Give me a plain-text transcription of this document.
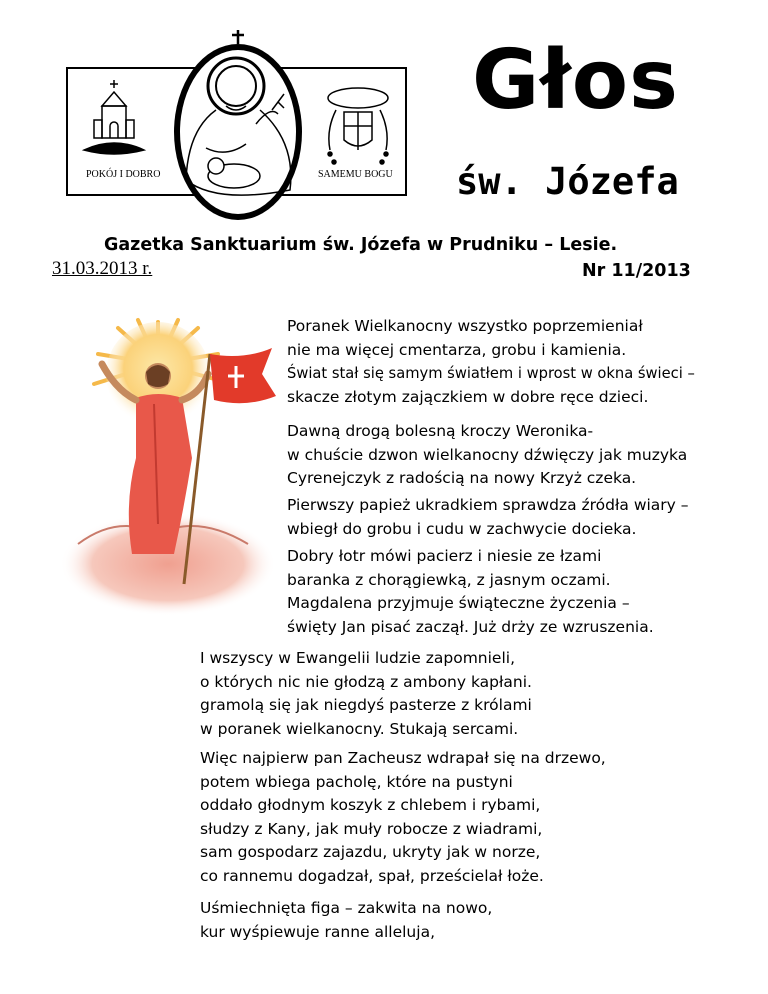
POKÓJ I DOBRO	SAMEMU BOGU
Głos
św. Józefa
Gazetka Sanktuarium św. Józefa w Prudniku – Lesie.
31.03.2013 r.	Nr 11/2013

Poranek Wielkanocny wszystko poprzemieniał
nie ma więcej cmentarza, grobu i kamienia.
Świat stał się samym światłem i wprost w okna świeci –
skacze złotym zajączkiem w dobre ręce dzieci.

Dawną drogą bolesną kroczy Weronika-
w chuście dzwon wielkanocny dźwięczy jak muzyka
Cyrenejczyk z radością na nowy Krzyż czeka.

Pierwszy papież ukradkiem sprawdza źródła wiary –
wbiegł do grobu i cudu w zachwycie docieka.

Dobry łotr mówi pacierz i niesie ze łzami
baranka z chorągiewką, z jasnym oczami.
Magdalena przyjmuje świąteczne życzenia –
święty Jan pisać zaczął. Już drży ze wzruszenia.

I wszyscy w Ewangelii ludzie zapomnieli,
o których nic nie głodzą z ambony kapłani.
gramolą się jak niegdyś pasterze z królami
w poranek wielkanocny. Stukają sercami.

Więc najpierw pan Zacheusz wdrapał się na drzewo,
potem wbiega pacholę, które na pustyni
oddało głodnym koszyk z chlebem i rybami,
słudzy z Kany, jak muły robocze z wiadrami,
sam gospodarz zajazdu, ukryty jak w norze,
co rannemu dogadzał, spał, prześcielał łoże.

Uśmiechnięta figa – zakwita na nowo,
kur wyśpiewuje ranne alleluja,
